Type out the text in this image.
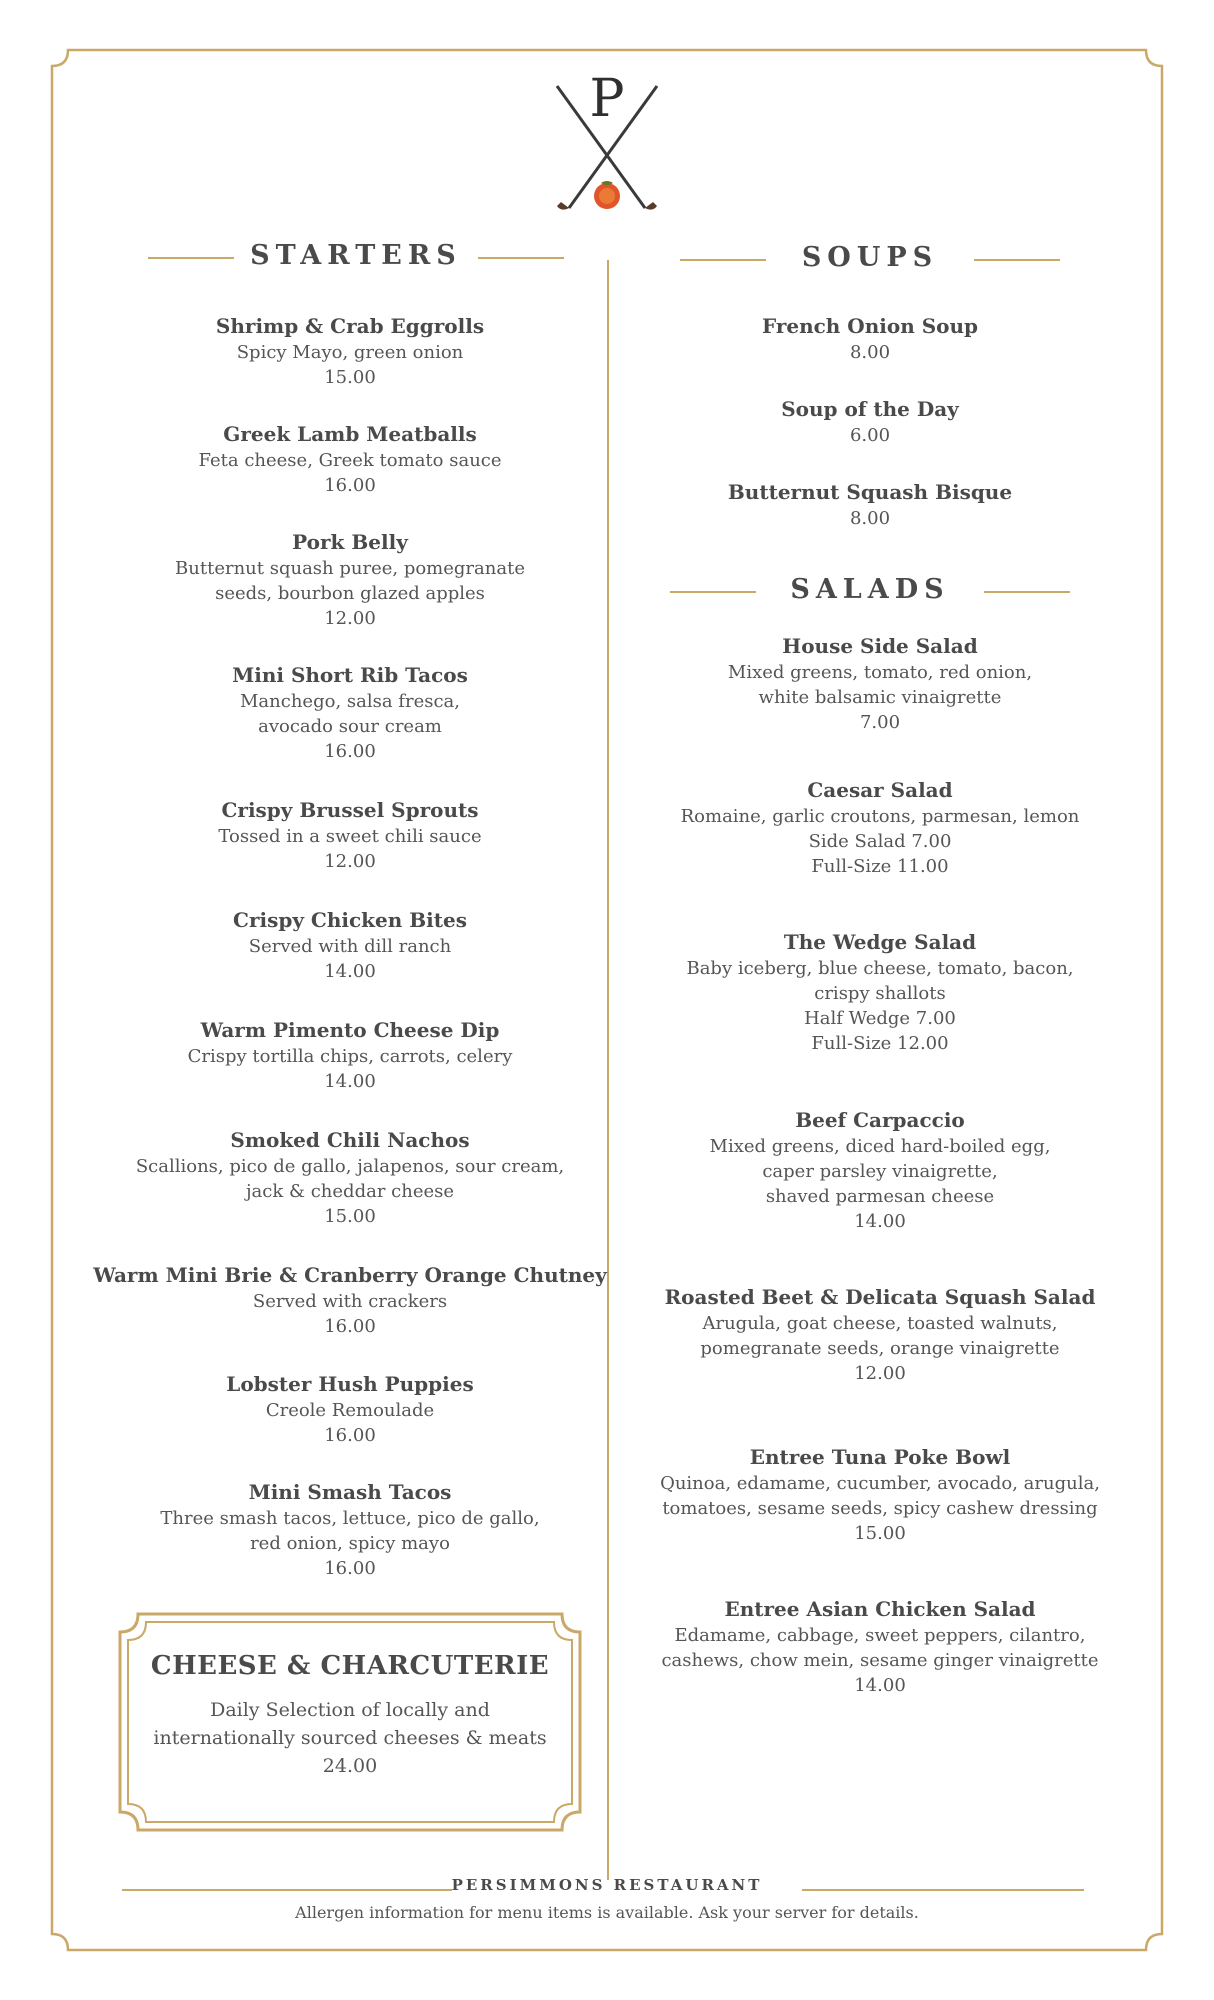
P
STARTERS	SOUPS
SALADS
Shrimp & Crab Eggrolls
Spicy Mayo, green onion
15.00
Greek Lamb Meatballs
Feta cheese, Greek tomato sauce
16.00
Pork Belly
Butternut squash puree, pomegranate
seeds, bourbon glazed apples
12.00
Mini Short Rib Tacos
Manchego, salsa fresca,
avocado sour cream
16.00
Crispy Brussel Sprouts
Tossed in a sweet chili sauce
12.00
Crispy Chicken Bites
Served with dill ranch
14.00
Warm Pimento Cheese Dip
Crispy tortilla chips, carrots, celery
14.00
Smoked Chili Nachos
Scallions, pico de gallo, jalapenos, sour cream,
jack & cheddar cheese
15.00
Warm Mini Brie & Cranberry Orange Chutney
Served with crackers
16.00
Lobster Hush Puppies
Creole Remoulade
16.00
Mini Smash Tacos
Three smash tacos, lettuce, pico de gallo,
red onion, spicy mayo
16.00
CHEESE & CHARCUTERIE
Daily Selection of locally and
internationally sourced cheeses & meats
24.00
French Onion Soup
8.00
Soup of the Day
6.00
Butternut Squash Bisque
8.00
House Side Salad
Mixed greens, tomato, red onion,
white balsamic vinaigrette
7.00
Caesar Salad
Romaine, garlic croutons, parmesan, lemon
Side Salad 7.00
Full-Size 11.00
The Wedge Salad
Baby iceberg, blue cheese, tomato, bacon,
crispy shallots
Half Wedge 7.00
Full-Size 12.00
Beef Carpaccio
Mixed greens, diced hard-boiled egg,
caper parsley vinaigrette,
shaved parmesan cheese
14.00
Roasted Beet & Delicata Squash Salad
Arugula, goat cheese, toasted walnuts,
pomegranate seeds, orange vinaigrette
12.00
Entree Tuna Poke Bowl
Quinoa, edamame, cucumber, avocado, arugula,
tomatoes, sesame seeds, spicy cashew dressing
15.00
Entree Asian Chicken Salad
Edamame, cabbage, sweet peppers, cilantro,
cashews, chow mein, sesame ginger vinaigrette
14.00
PERSIMMONS RESTAURANT
Allergen information for menu items is available. Ask your server for details.
